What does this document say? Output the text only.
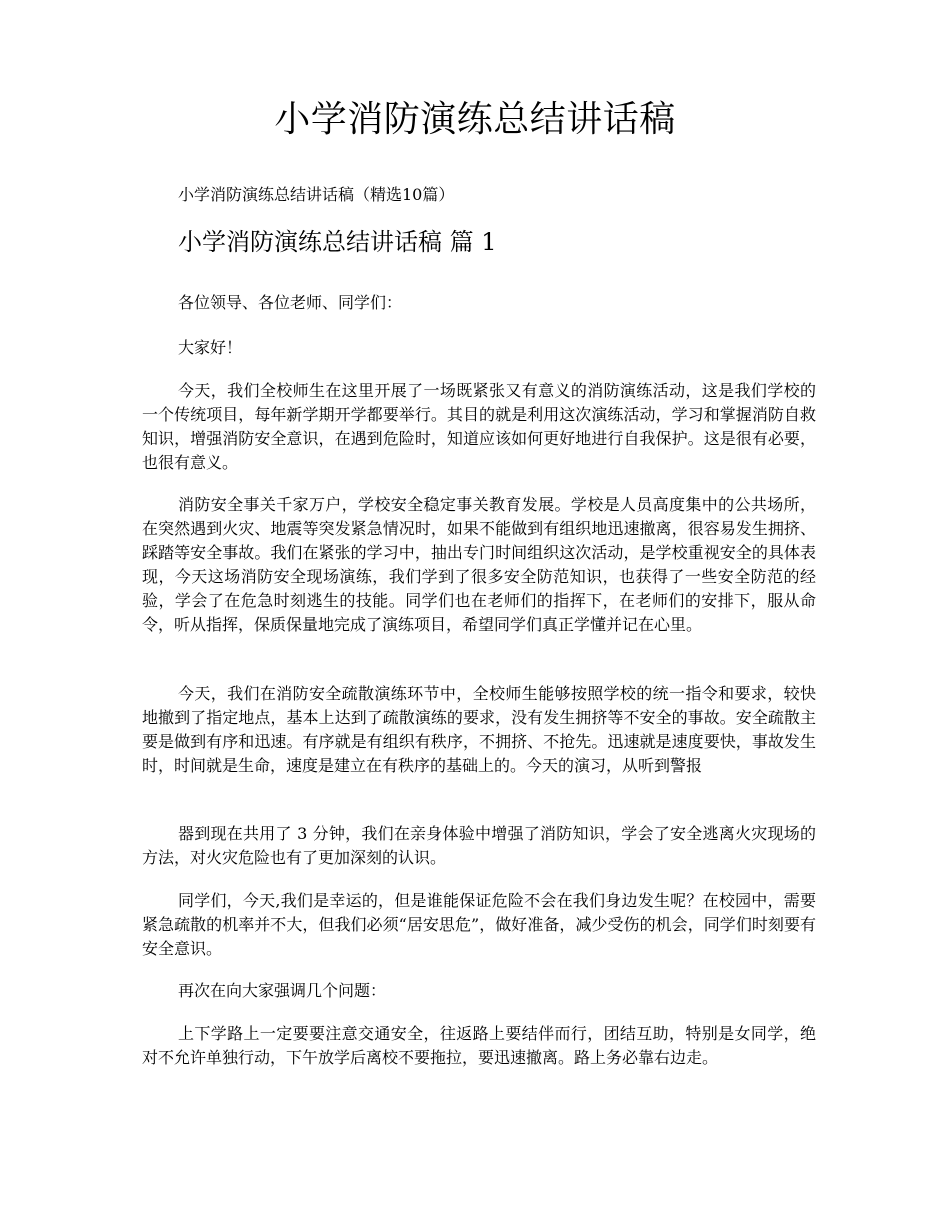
小学消防演练总结讲话稿

小学消防演练总结讲话稿（精选10篇）

小学消防演练总结讲话稿 篇 1

各位领导、各位老师、同学们：

大家好！

今天，我们全校师生在这里开展了一场既紧张又有意义的消防演练活动，这是我们学校的一个传统项目，每年新学期开学都要举行。其目的就是利用这次演练活动，学习和掌握消防自救知识，增强消防安全意识，在遇到危险时，知道应该如何更好地进行自我保护。这是很有必要，也很有意义。

消防安全事关千家万户，学校安全稳定事关教育发展。学校是人员高度集中的公共场所，在突然遇到火灾、地震等突发紧急情况时，如果不能做到有组织地迅速撤离，很容易发生拥挤、踩踏等安全事故。我们在紧张的学习中，抽出专门时间组织这次活动，是学校重视安全的具体表现，今天这场消防安全现场演练，我们学到了很多安全防范知识，也获得了一些安全防范的经验，学会了在危急时刻逃生的技能。同学们也在老师们的指挥下，在老师们的安排下，服从命令，听从指挥，保质保量地完成了演练项目，希望同学们真正学懂并记在心里。

今天，我们在消防安全疏散演练环节中，全校师生能够按照学校的统一指令和要求，较快地撤到了指定地点，基本上达到了疏散演练的要求，没有发生拥挤等不安全的事故。安全疏散主要是做到有序和迅速。有序就是有组织有秩序，不拥挤、不抢先。迅速就是速度要快，事故发生时，时间就是生命，速度是建立在有秩序的基础上的。今天的演习，从听到警报

器到现在共用了 3 分钟，我们在亲身体验中增强了消防知识，学会了安全逃离火灾现场的方法，对火灾危险也有了更加深刻的认识。

同学们，今天,我们是幸运的，但是谁能保证危险不会在我们身边发生呢？在校园中，需要紧急疏散的机率并不大，但我们必须“居安思危”，做好准备，减少受伤的机会，同学们时刻要有安全意识。

再次在向大家强调几个问题：

上下学路上一定要要注意交通安全，往返路上要结伴而行，团结互助，特别是女同学，绝对不允许单独行动，下午放学后离校不要拖拉，要迅速撤离。路上务必靠右边走。
